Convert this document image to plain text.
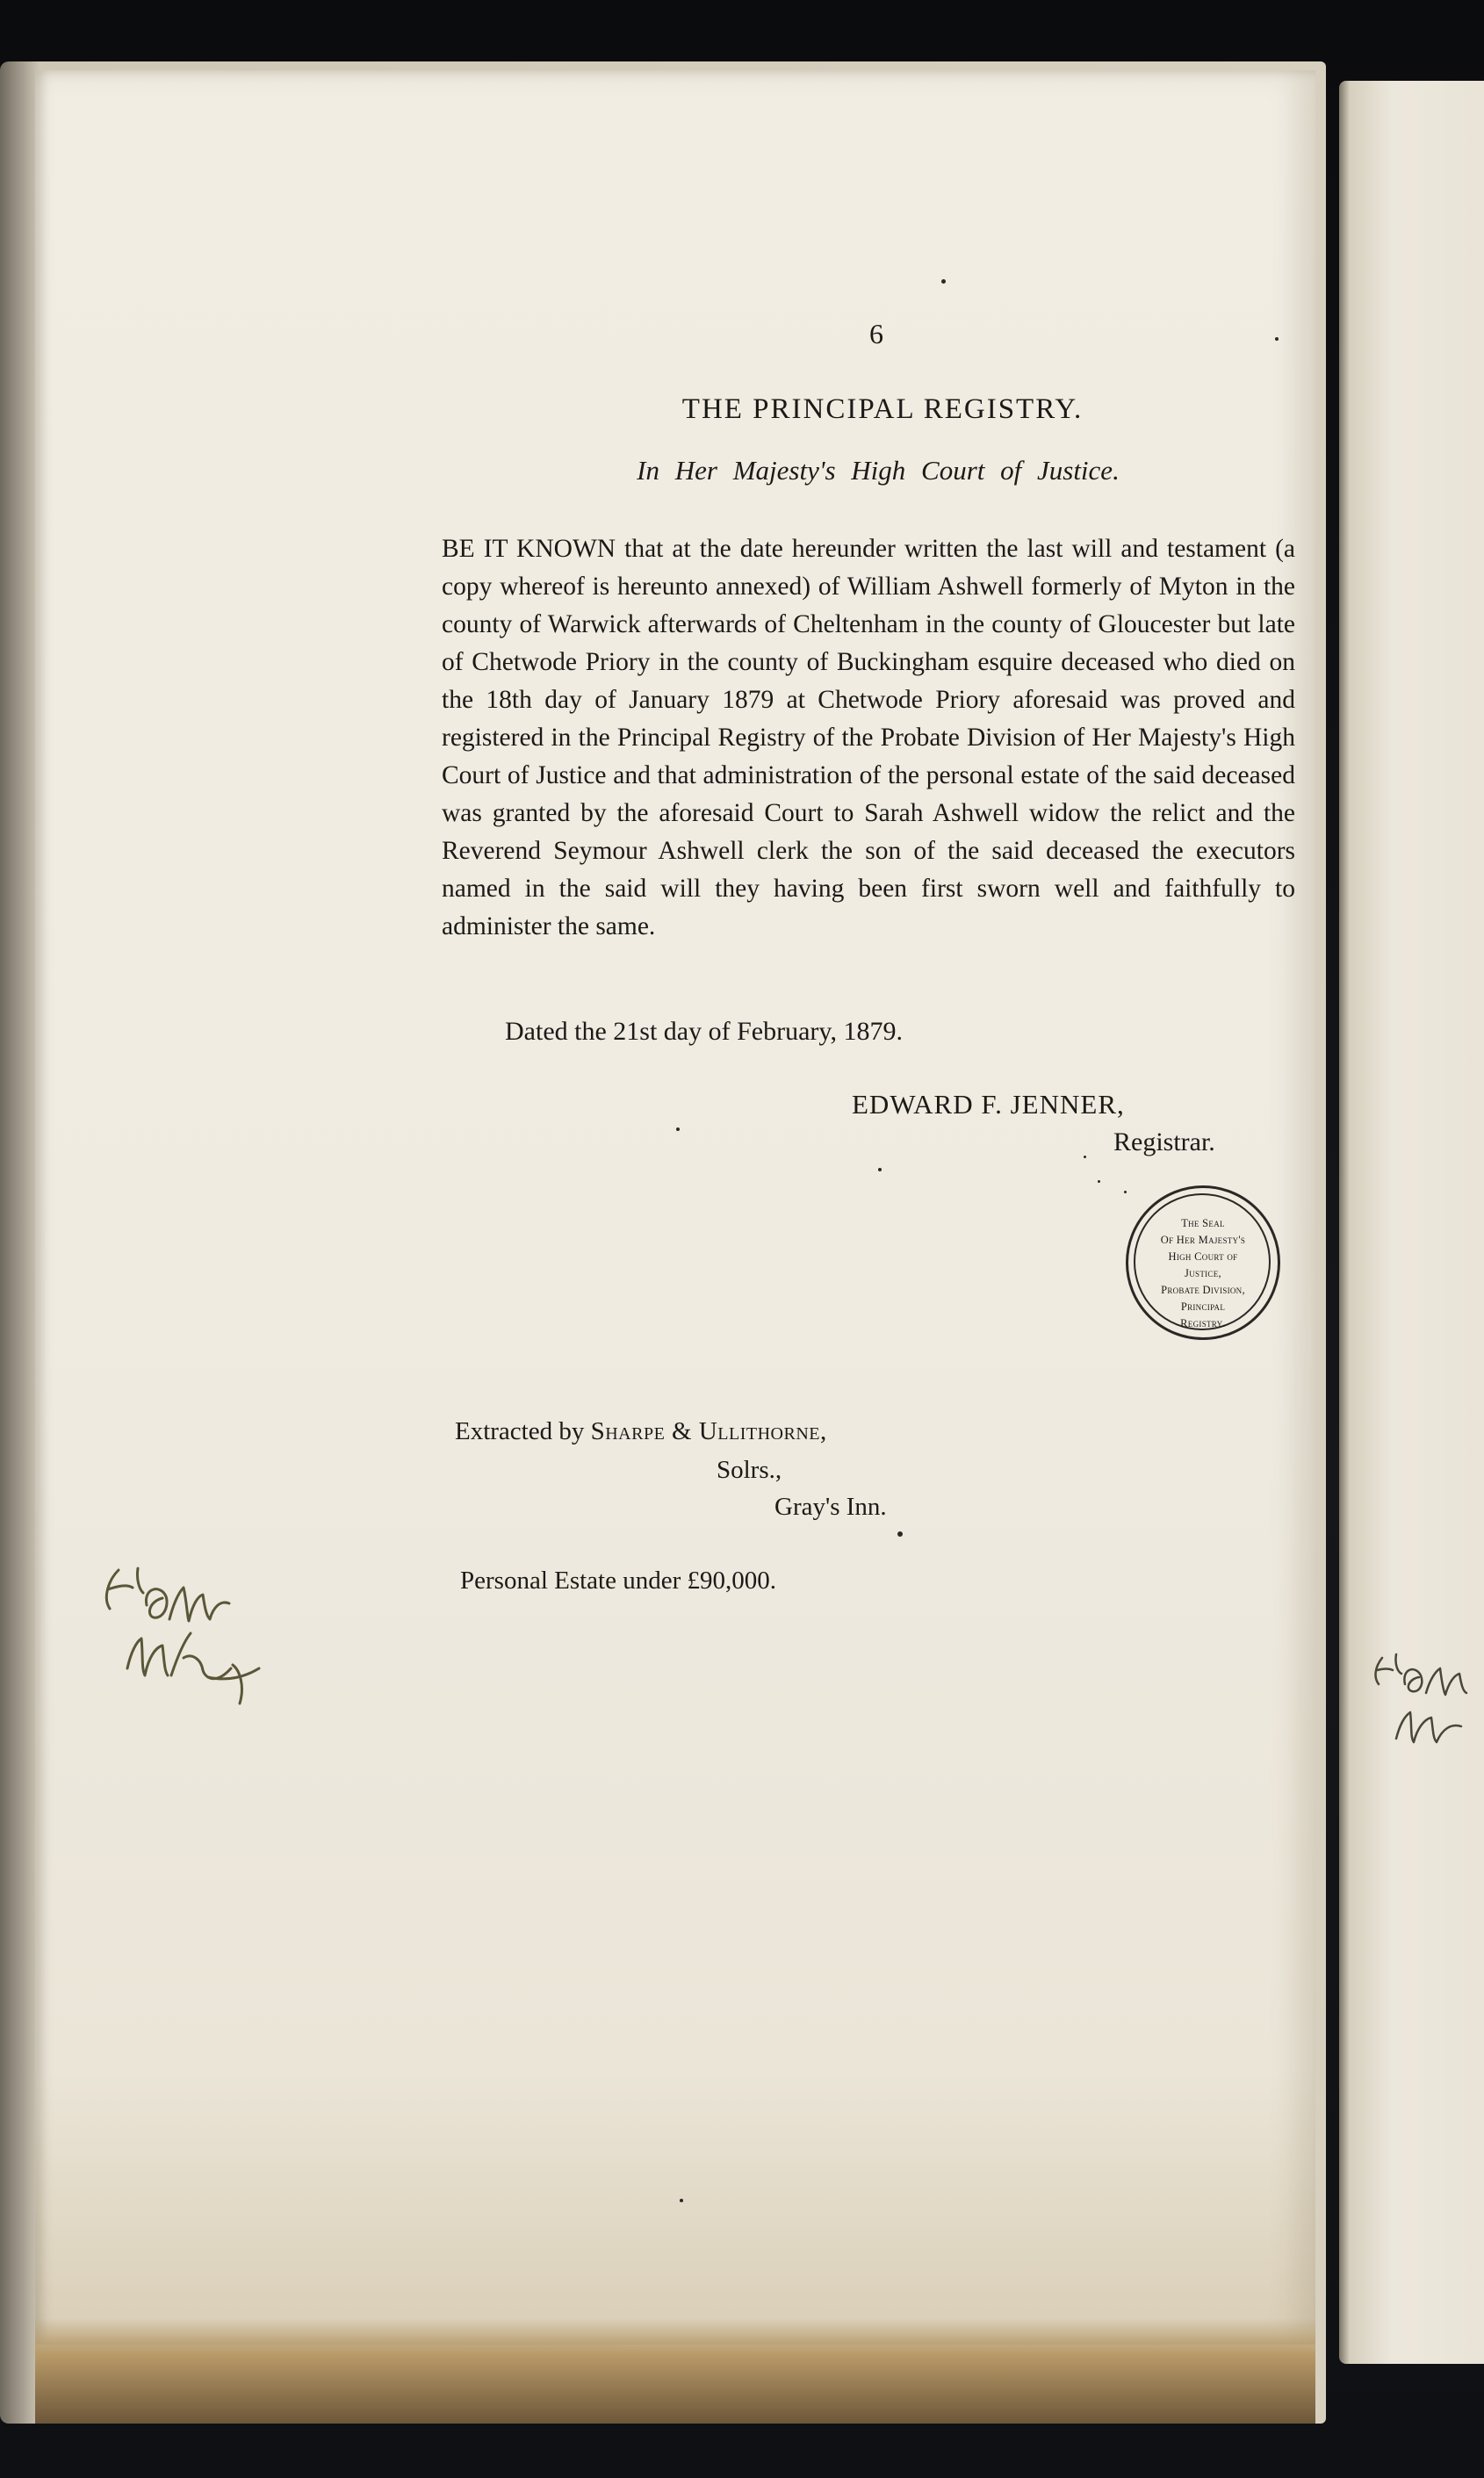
6
THE PRINCIPAL REGISTRY.
In Her Majesty's High Court of Justice.

BE IT KNOWN that at the date hereunder written the last will and testament (a copy whereof is hereunto annexed) of William Ashwell formerly of Myton in the county of Warwick afterwards of Cheltenham in the county of Gloucester but late of Chetwode Priory in the county of Buckingham esquire deceased who died on the 18th day of January 1879 at Chetwode Priory aforesaid was proved and registered in the Principal Registry of the Probate Division of Her Majesty's High Court of Justice and that administration of the personal estate of the said deceased was granted by the aforesaid Court to Sarah Ashwell widow the relict and the Reverend Seymour Ashwell clerk the son of the said deceased the executors named in the said will they having been first sworn well and faithfully to administer the same.

Dated the 21st day of February, 1879.
EDWARD F. JENNER,
Registrar.
The Seal
Of Her Majesty's
High Court of
Justice,
Probate Division,
Principal
Registry.
Extracted by Sharpe & Ullithorne,
Solrs.,
Gray's Inn.
Personal Estate under £90,000.
